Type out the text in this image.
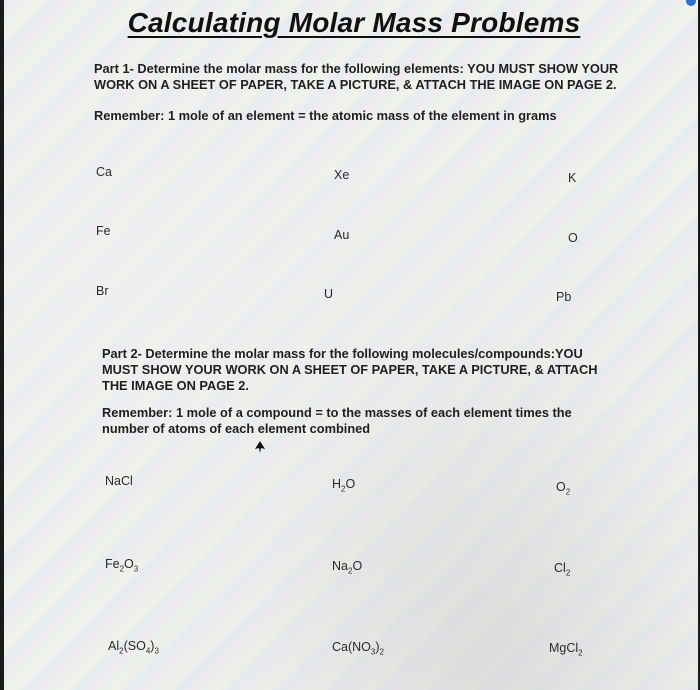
Calculating Molar Mass Problems

Part 1- Determine the molar mass for the following elements: YOU MUST SHOW YOUR WORK ON A SHEET OF PAPER, TAKE A PICTURE, & ATTACH THE IMAGE ON PAGE 2.

Remember: 1 mole of an element = the atomic mass of the element in grams

Ca	Xe	K
Fe	Au	O
Br	U	Pb

Part 2- Determine the molar mass for the following molecules/compounds:YOU MUST SHOW YOUR WORK ON A SHEET OF PAPER, TAKE A PICTURE, & ATTACH THE IMAGE ON PAGE 2.

Remember: 1 mole of a compound = to the masses of each element times the number of atoms of each element combined

NaCl	$H_2O$	$O_2$
$Fe_2O_3$	$Na_2O$	$Cl_2$
$Al_2(SO_4)_3$	$Ca(NO_3)_2$	MgCl$_2$
